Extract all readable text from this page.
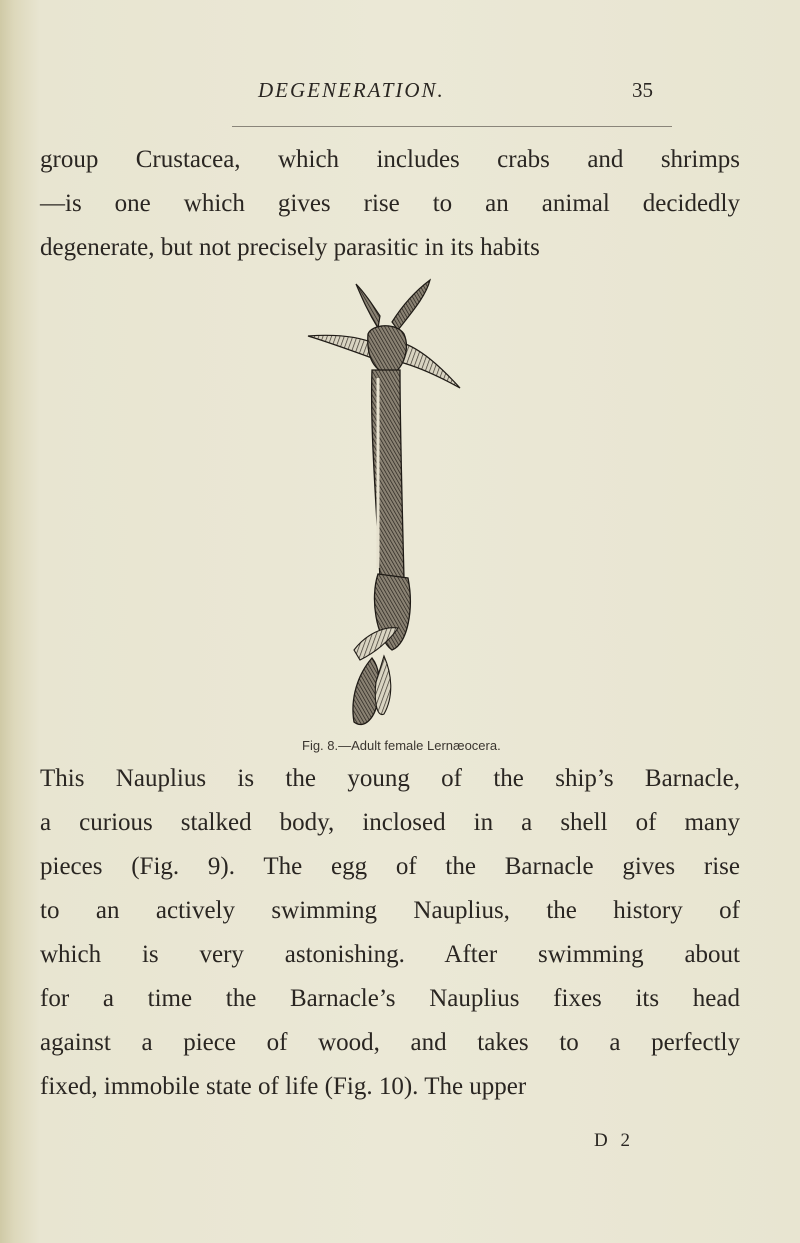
DEGENERATION.	35

group Crustacea, which includes crabs and shrimps

—is one which gives rise to an animal decidedly

degenerate, but not precisely parasitic in its habits

Fig. 8.—Adult female Lernæocera.

This Nauplius is the young of the ship’s Barnacle,

a curious stalked body, inclosed in a shell of many

pieces (Fig. 9). The egg of the Barnacle gives rise

to an actively swimming Nauplius, the history of

which is very astonishing. After swimming about

for a time the Barnacle’s Nauplius fixes its head

against a piece of wood, and takes to a perfectly

fixed, immobile state of life (Fig. 10). The upper

D 2
